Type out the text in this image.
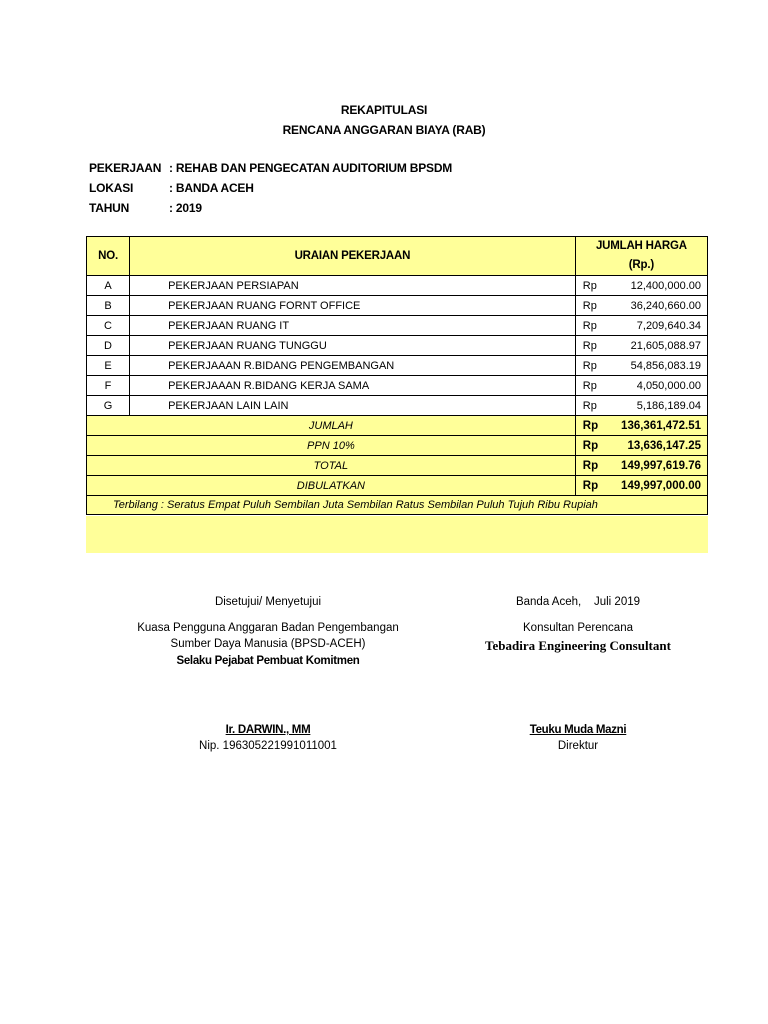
REKAPITULASI
RENCANA ANGGARAN BIAYA (RAB)
PEKERJAAN : REHAB DAN PENGECATAN AUDITORIUM BPSDM
LOKASI	: BANDA ACEH
TAHUN	: 2019
NO.	URAIAN PEKERJAAN	JUMLAH HARGA
(Rp.)	

A	PEKERJAAN PERSIAPAN	Rp	12,400,000.00
B	PEKERJAAN RUANG FORNT OFFICE	Rp	36,240,660.00
C	PEKERJAAN RUANG IT	Rp	7,209,640.34
D	PEKERJAAN RUANG TUNGGU	Rp	21,605,088.97
E	PEKERJAAAN R.BIDANG PENGEMBANGAN	Rp	54,856,083.19
F	PEKERJAAAN R.BIDANG KERJA SAMA	Rp	4,050,000.00
G	PEKERJAAN LAIN LAIN	Rp	5,186,189.04
JUMLAH		Rp	136,361,472.51
PPN 10%		Rp	13,636,147.25
TOTAL		Rp	149,997,619.76
DIBULATKAN		Rp	149,997,000.00
Terbilang : Seratus Empat Puluh Sembilan Juta Sembilan Ratus Sembilan Puluh Tujuh Ribu Rupiah			
Disetujui/ Menyetujui
Kuasa Pengguna Anggaran Badan Pengembangan
Sumber Daya Manusia (BPSD-ACEH)
Selaku Pejabat Pembuat Komitmen
Ir. DARWIN., MM
Nip. 196305221991011001
Banda Aceh,    Juli 2019
Konsultan Perencana
Tebadira Engineering Consultant
Teuku Muda Mazni
Direktur
